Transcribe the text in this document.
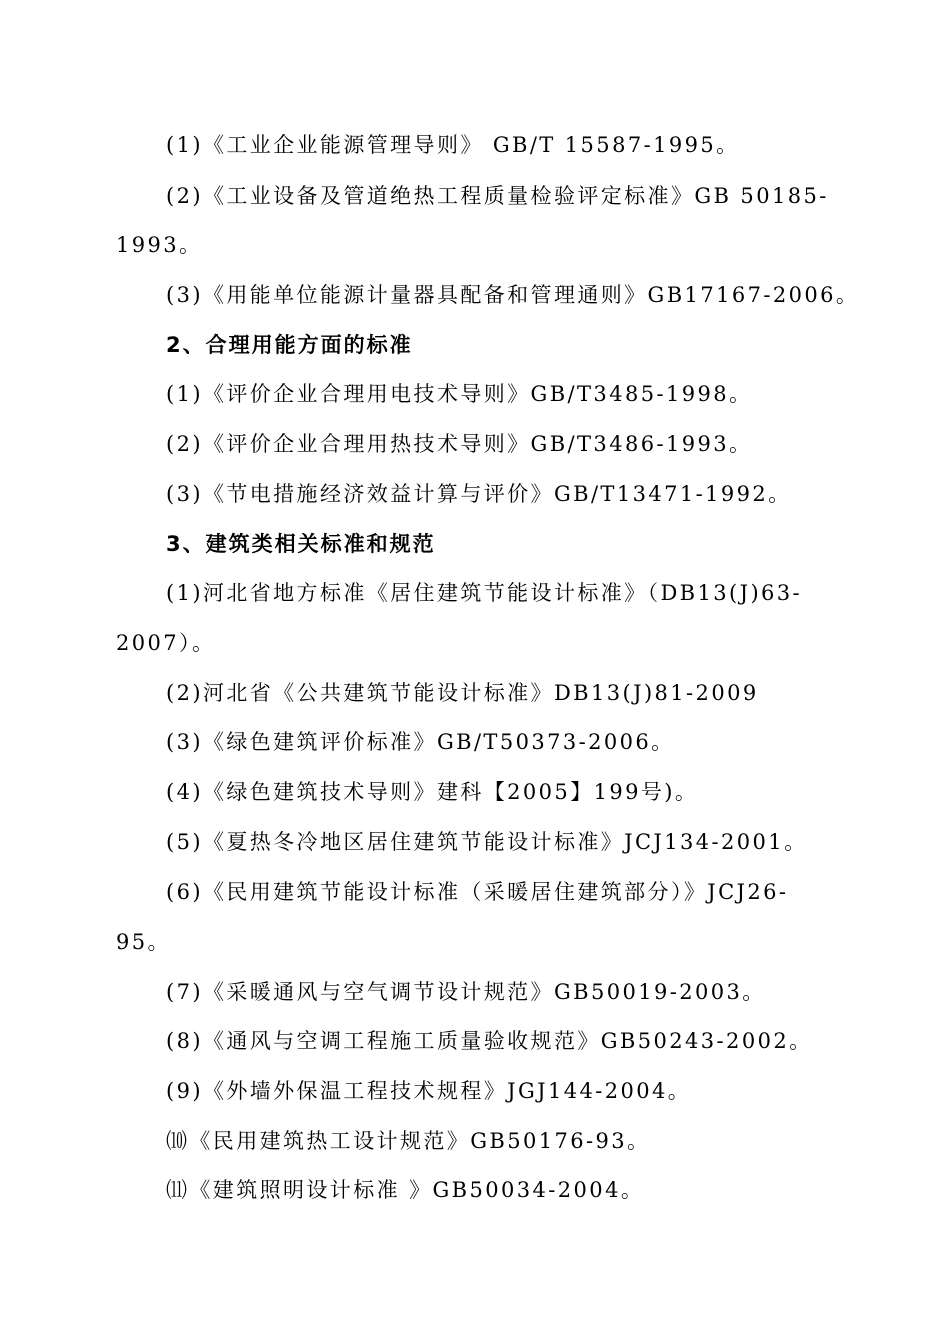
(1)《工业企业能源管理导则》 GB/T 15587-1995。
(2)《工业设备及管道绝热工程质量检验评定标准》GB 50185-
1993。
(3)《用能单位能源计量器具配备和管理通则》GB17167-2006。
2、合理用能方面的标准
(1)《评价企业合理用电技术导则》GB/T3485-1998。
(2)《评价企业合理用热技术导则》GB/T3486-1993。
(3)《节电措施经济效益计算与评价》GB/T13471-1992。
3、建筑类相关标准和规范
(1)河北省地方标准《居住建筑节能设计标准》（DB13(J)63-
2007）。
(2)河北省《公共建筑节能设计标准》DB13(J)81-2009
(3)《绿色建筑评价标准》GB/T50373-2006。
(4)《绿色建筑技术导则》建科【2005】199号)。
(5)《夏热冬冷地区居住建筑节能设计标准》JCJ134-2001。
(6)《民用建筑节能设计标准（采暖居住建筑部分）》JCJ26-
95。
(7)《采暖通风与空气调节设计规范》GB50019-2003。
(8)《通风与空调工程施工质量验收规范》GB50243-2002。
(9)《外墙外保温工程技术规程》JGJ144-2004。
⑽《民用建筑热工设计规范》GB50176-93。
⑾《建筑照明设计标准 》GB50034-2004。
